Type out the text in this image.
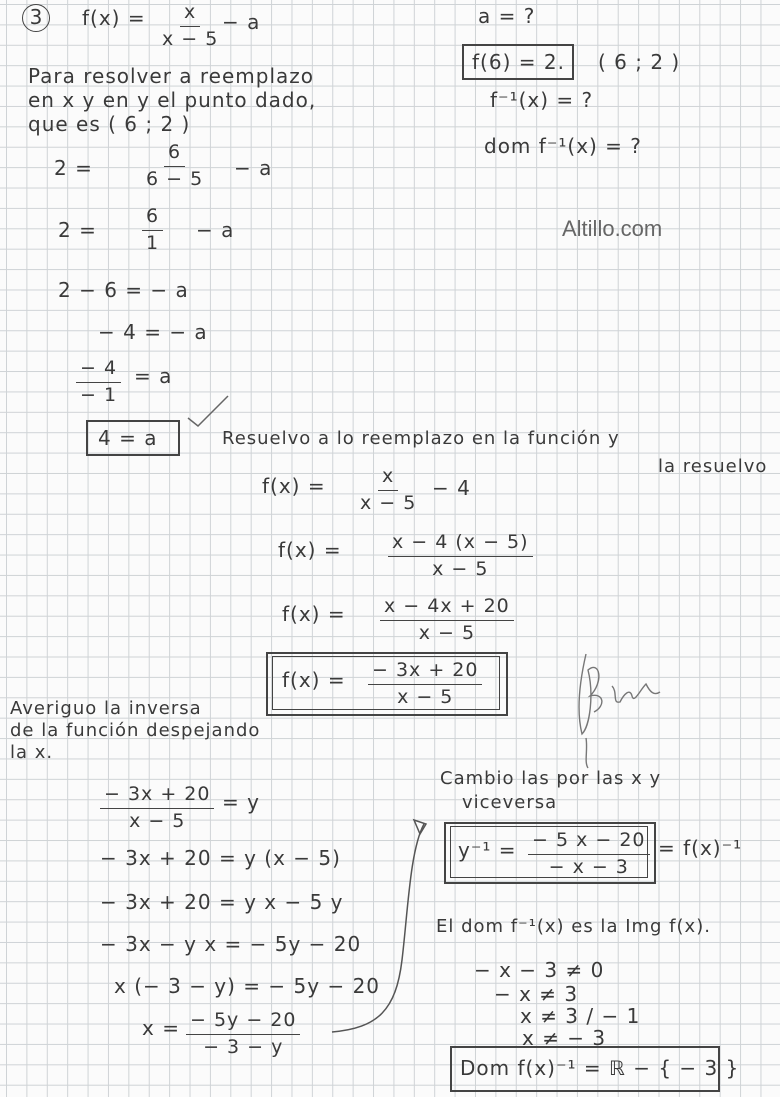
3	$f(x) = \frac{x}{x - 5} - a$	a = ?
f(6) = 2. ( 6 ; 2 )
f⁻¹(x) = ?
dom f⁻¹(x) = ?
Para resolver a reemplazo
en x y en y el punto dado,
que es ( 6 ; 2 )
2 =	$\frac{6}{6 - 5} - a$
$2 = \frac{6}{1} - a$
2 − 6 = − a
− 4 = − a
$\frac{- 4}{- 1} = a$
4 = a	Resuelvo a lo reemplazo en la función y
la resuelvo
$f(x) = \frac{x}{x - 5} - 4$
$f(x) = \frac{x - 4 (x - 5)}{x - 5}$
$f(x) = \frac{x - 4x + 20}{x - 5}$
$f(x) = \frac{- 3x + 20}{x - 5}$
Averiguo la inversa
de la función despejando
la x.
$\frac{- 3x + 20}{x - 5} = y$
− 3x + 20 = y (x − 5)
− 3x + 20 = y x − 5 y
− 3x − y x = − 5y − 20
x (− 3 − y) = − 5y − 20
$x = \frac{- 5y - 20}{- 3 - y}$
Cambio las por las x y
viceversa
$y^{-1} = \frac{- 5 x - 20}{- x - 3} = f(x)^{-1}$
El dom f⁻¹(x) es la Img f(x).
− x − 3 ≠ 0
− x ≠ 3
x ≠ 3 / − 1
x ≠ − 3
Dom f(x)⁻¹ = ℝ − { − 3 }
Altillo.com
